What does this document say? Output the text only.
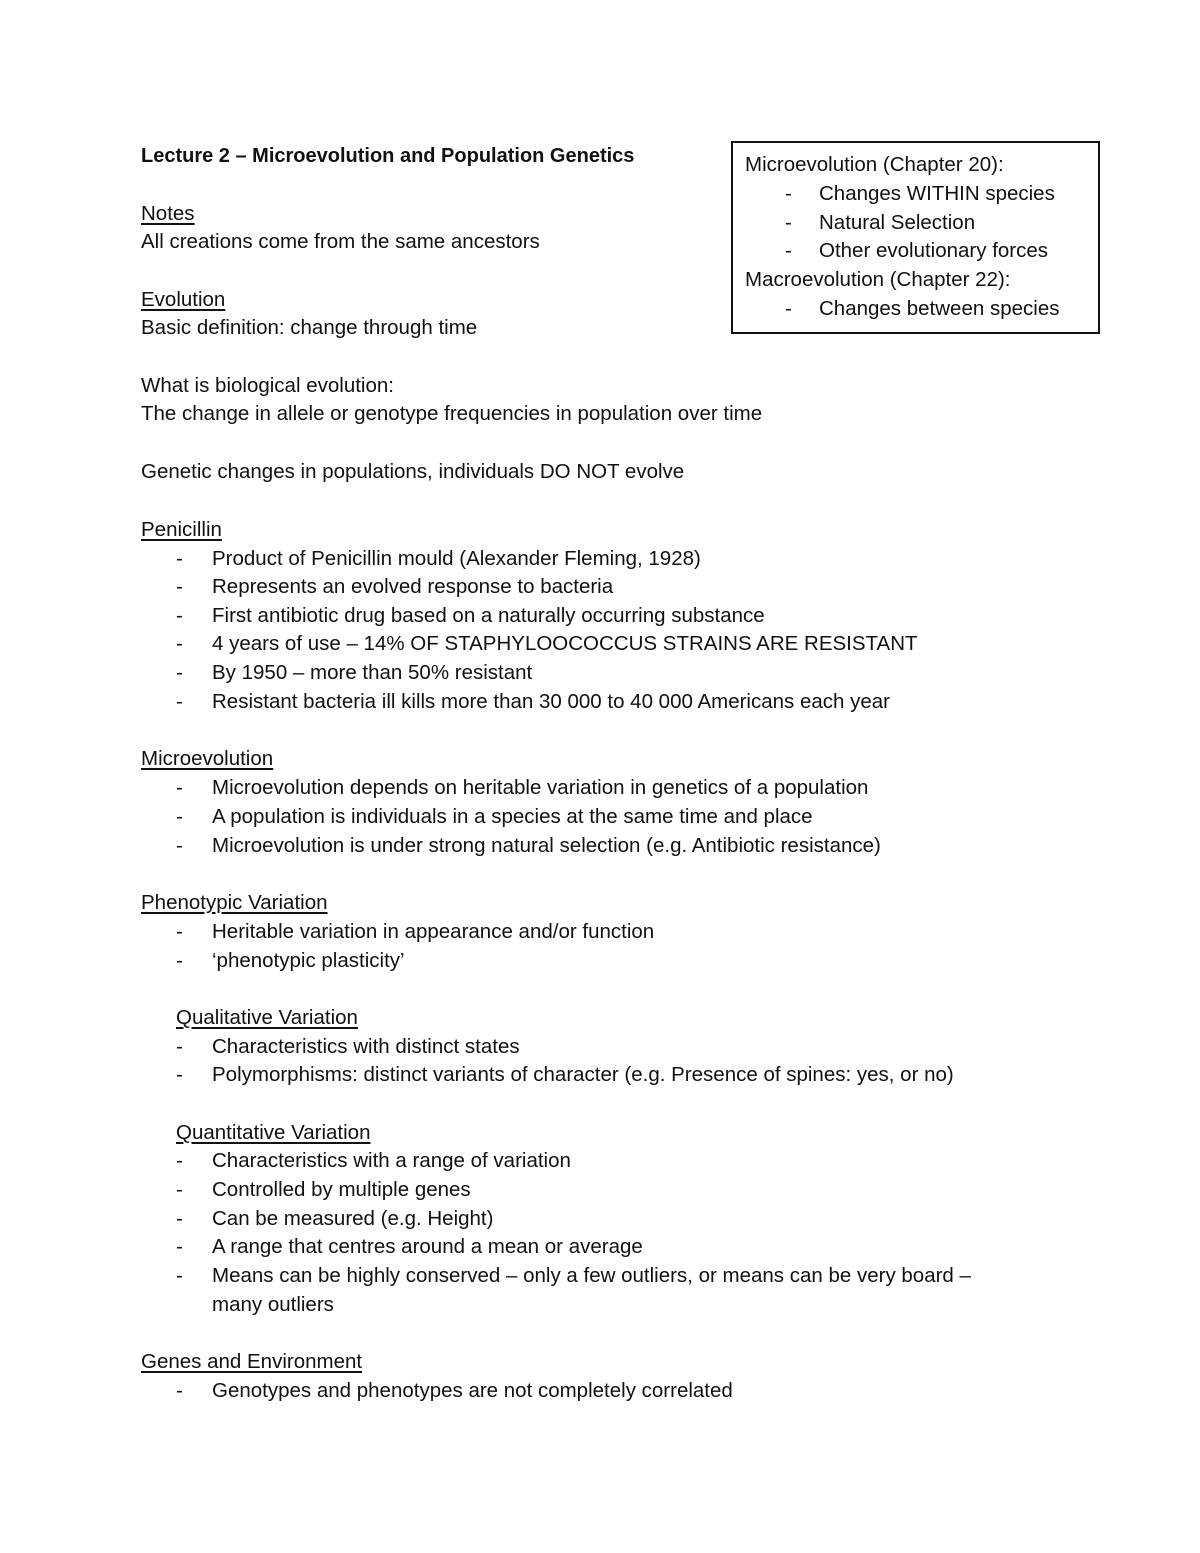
Lecture 2 – Microevolution and Population Genetics	Microevolution (Chapter 20):
- Changes WITHIN species
- Natural Selection
- Other evolutionary forces
Macroevolution (Chapter 22):
- Changes between species
Notes
All creations come from the same ancestors
Evolution
Basic definition: change through time
What is biological evolution:
The change in allele or genotype frequencies in population over time
Genetic changes in populations, individuals DO NOT evolve
Penicillin
- Product of Penicillin mould (Alexander Fleming, 1928)
- Represents an evolved response to bacteria
- First antibiotic drug based on a naturally occurring substance
- 4 years of use – 14% OF STAPHYLOOCOCCUS STRAINS ARE RESISTANT
- By 1950 – more than 50% resistant
- Resistant bacteria ill kills more than 30 000 to 40 000 Americans each year
Microevolution
- Microevolution depends on heritable variation in genetics of a population
- A population is individuals in a species at the same time and place
- Microevolution is under strong natural selection (e.g. Antibiotic resistance)
Phenotypic Variation
- Heritable variation in appearance and/or function
- ‘phenotypic plasticity’
Qualitative Variation
- Characteristics with distinct states
- Polymorphisms: distinct variants of character (e.g. Presence of spines: yes, or no)
Quantitative Variation
- Characteristics with a range of variation
- Controlled by multiple genes
- Can be measured (e.g. Height)
- A range that centres around a mean or average
- Means can be highly conserved – only a few outliers, or means can be very board –
many outliers
Genes and Environment
- Genotypes and phenotypes are not completely correlated
